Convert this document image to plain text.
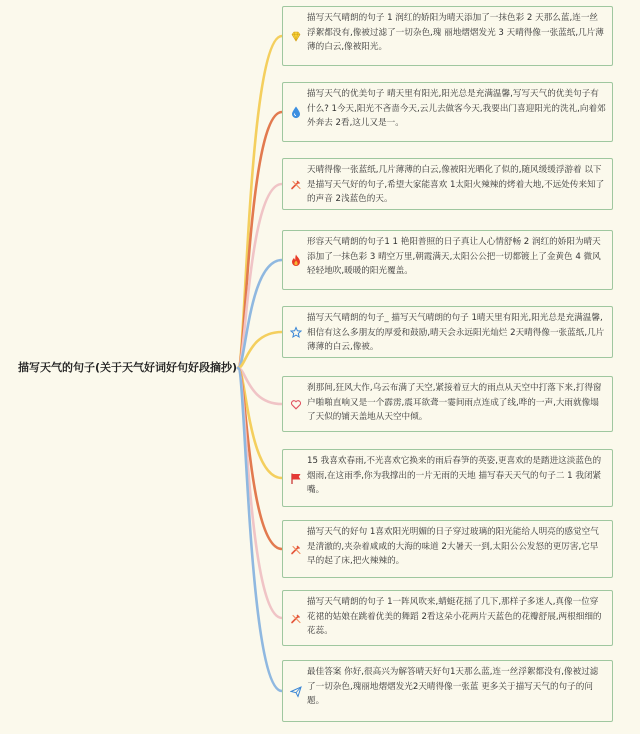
描写天气的句子(关于天气好词好句好段摘抄)
描写天气晴朗的句子 1 润红的娇阳为晴天添加了一抹色彩 2 天那么蓝,连一丝浮絮都没有,像被过滤了一切杂色,瑰 丽地熠熠发光 3 天晴得像一张蓝纸,几片薄薄的白云,像被阳光。
描写天气的优美句子 晴天里有阳光,阳光总是充满温馨,写写天气的优美句子有什么? 1今天,阳光不吝啬今天,云儿去做客今天,我要出门喜迎阳光的洗礼,向着郊外奔去 2看,这儿又是一。
天晴得像一张蓝纸,几片薄薄的白云,像被阳光晒化了似的,随风缓缓浮游着 以下是描写天气好的句子,希望大家能喜欢 1太阳火辣辣的烤着大地,不远处传来知了的声音 2浅蓝色的天。
形容天气晴朗的句子1 1 艳阳普照的日子真让人心情舒畅 2 润红的娇阳为晴天添加了一抹色彩 3 晴空万里,朝霞满天,太阳公公把一切都镀上了金黄色 4 微风轻轻地吹,暖暖的阳光覆盖。
描写天气晴朗的句子_ 描写天气晴朗的句子 1晴天里有阳光,阳光总是充满温馨,相信有这么多朋友的厚爱和鼓励,晴天会永远阳光灿烂 2天晴得像一张蓝纸,几片薄薄的白云,像被。
刹那间,狂风大作,乌云布满了天空,紧接着豆大的雨点从天空中打落下来,打得窗户啪啪直响又是一个霹雳,震耳欲聋一霎间雨点连成了线,哗的一声,大雨就像塌了天似的铺天盖地从天空中倾。
15 我喜欢春雨,不光喜欢它换来的雨后春笋的英姿,更喜欢的是踏进这淡蓝色的烟雨,在这雨季,你为我撑出的一片无雨的天地 描写春天天气的句子二 1 我闭紧嘴。
描写天气的好句 1喜欢阳光明媚的日子穿过玻璃的阳光能给人明亮的感觉空气是清澈的,夹杂着咸咸的大海的味道 2大暑天一到,太阳公公发怒的更厉害,它早早的起了床,把火辣辣的。
描写天气晴朗的句子 1一阵风吹来,蜻蜓花摇了几下,那样子多迷人,真像一位穿花裙的姑娘在跳着优美的舞蹈 2看这朵小花两片天蓝色的花瓣舒展,两根细细的花蕊。
最佳答案 你好,很高兴为解答晴天好句1天那么蓝,连一丝浮絮都没有,像被过滤了一切杂色,瑰丽地熠熠发光2天晴得像一张蓝 更多关于描写天气的句子的问题。
